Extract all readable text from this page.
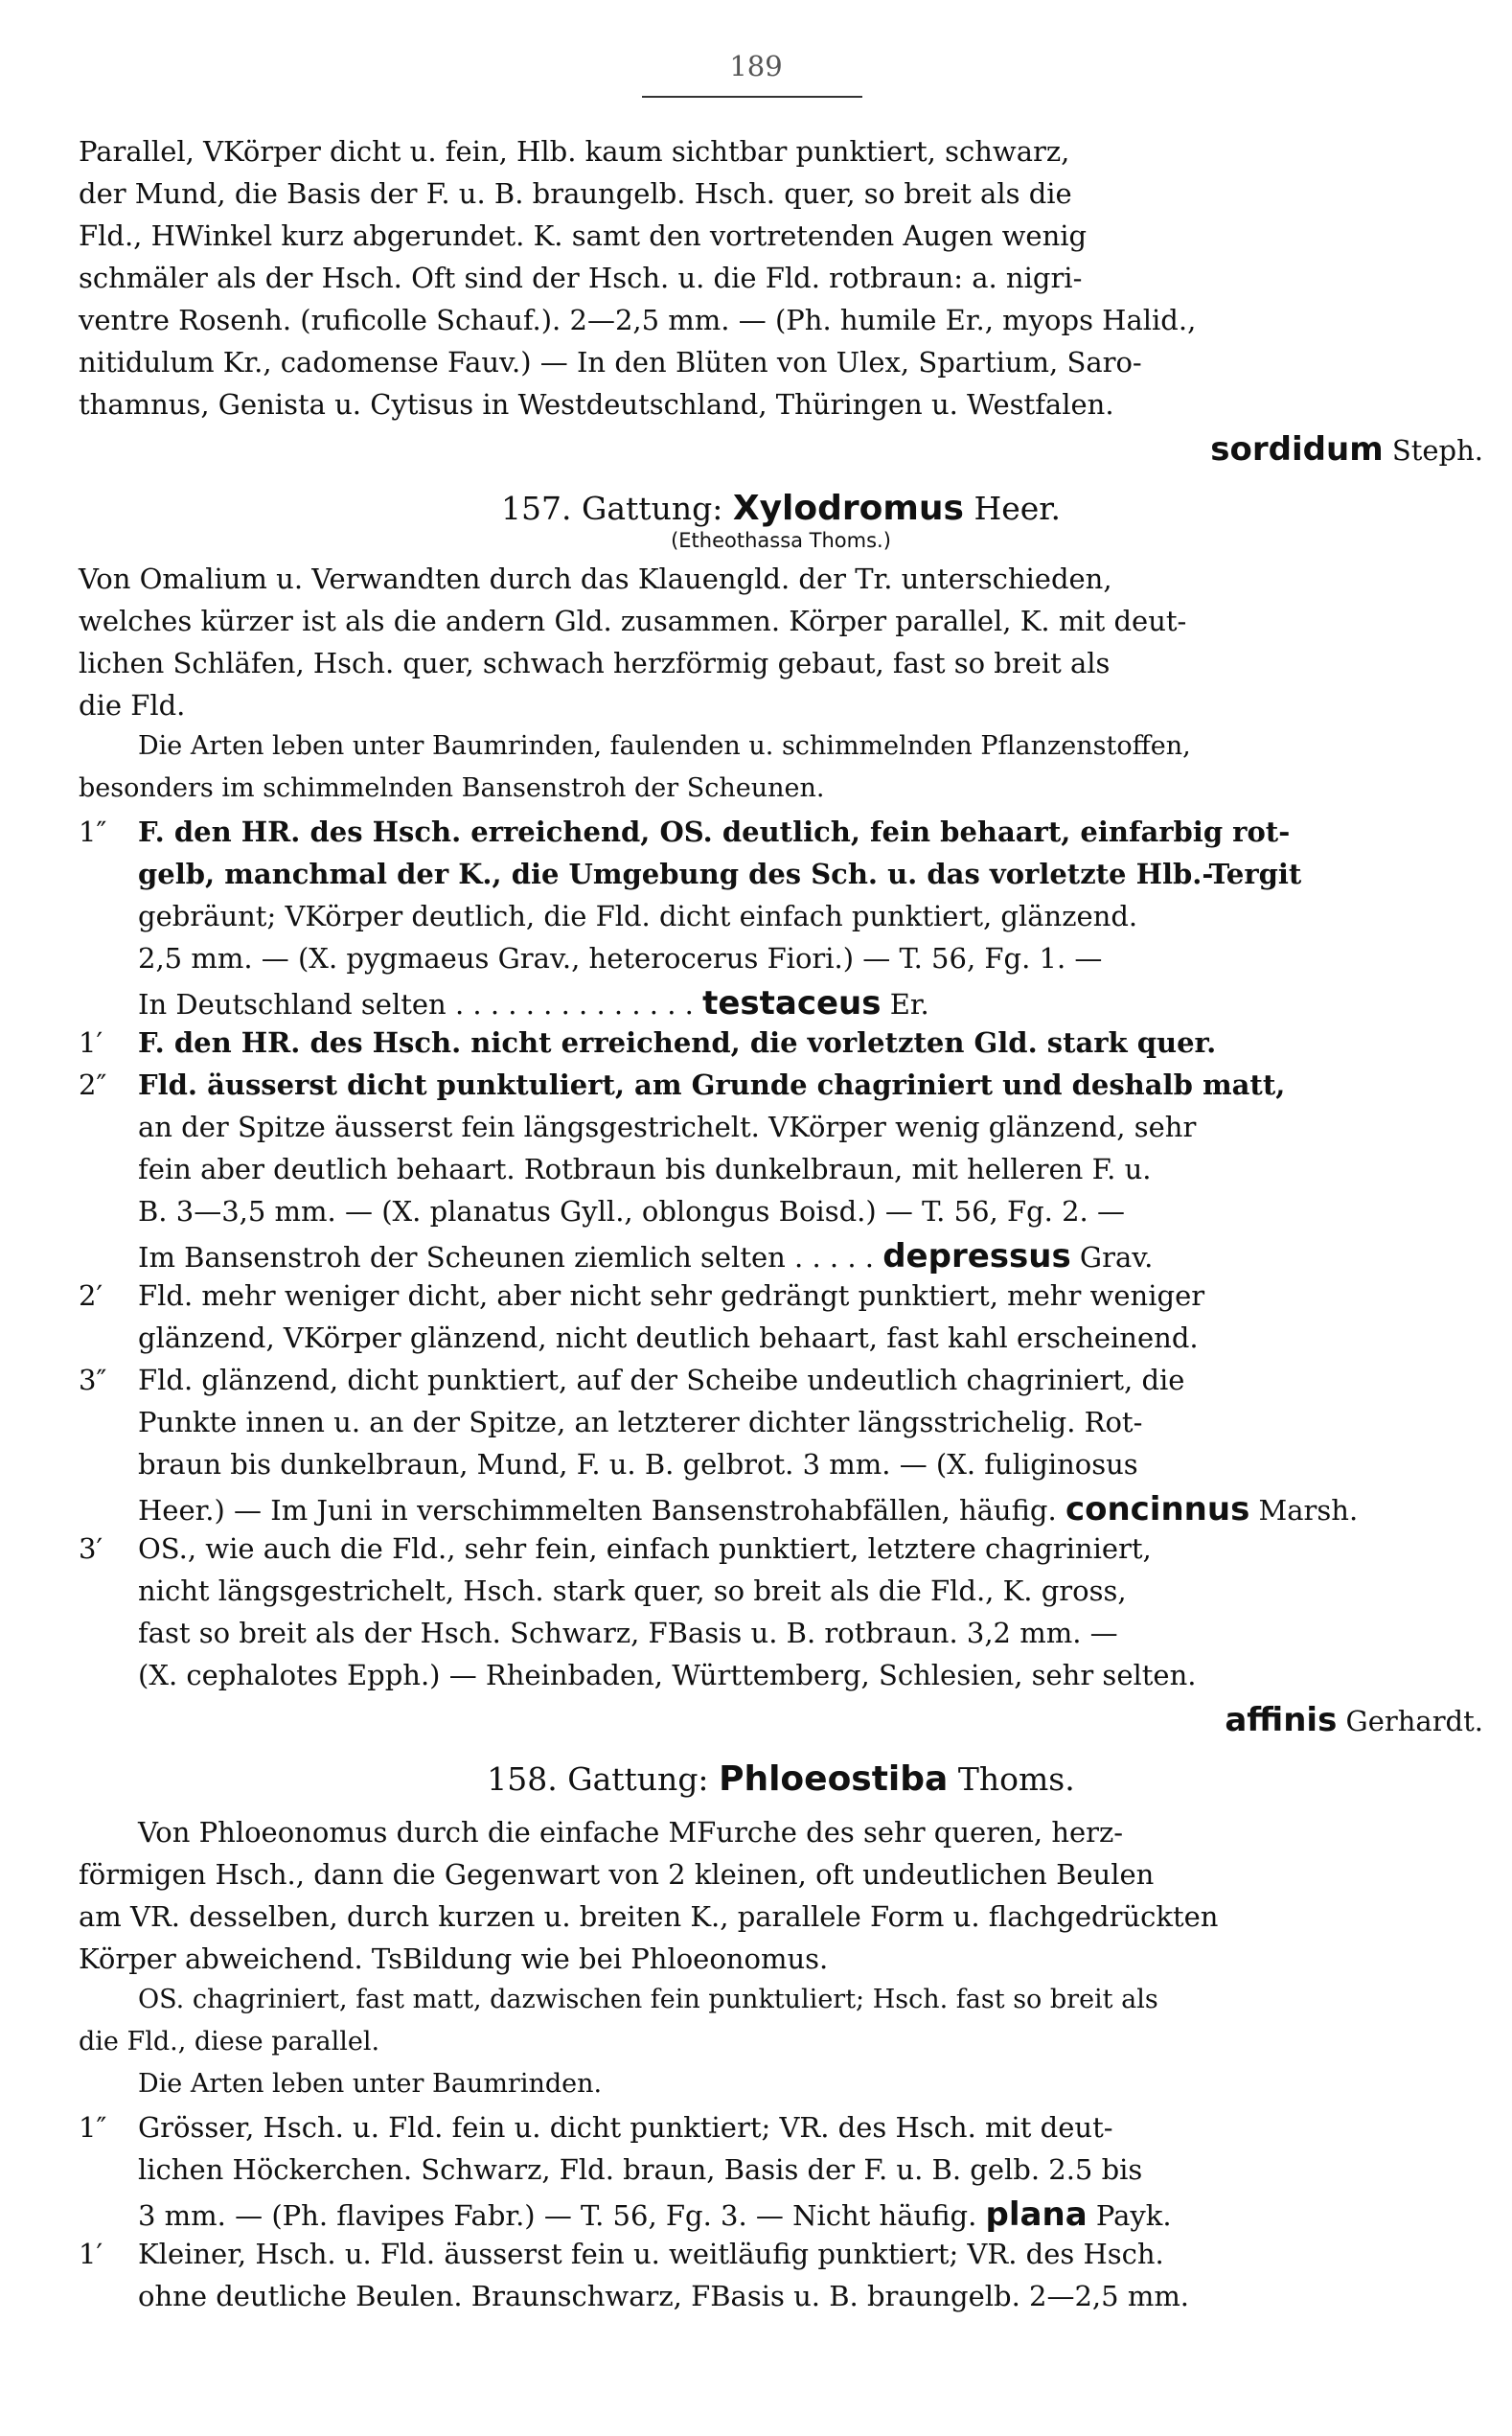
189
Parallel, VKörper dicht u. fein, Hlb. kaum sichtbar punktiert, schwarz,
der Mund, die Basis der F. u. B. braungelb. Hsch. quer, so breit als die
Fld., HWinkel kurz abgerundet. K. samt den vortretenden Augen wenig
schmäler als der Hsch. Oft sind der Hsch. u. die Fld. rotbraun: a. nigri-
ventre Rosenh. (ruficolle Schauf.). 2—2,5 mm. — (Ph. humile Er., myops Halid.,
nitidulum Kr., cadomense Fauv.) — In den Blüten von Ulex, Spartium, Saro-
thamnus, Genista u. Cytisus in Westdeutschland, Thüringen u. Westfalen.
sordidum Steph.
157. Gattung: Xylodromus Heer.
(Etheothassa Thoms.)
Von Omalium u. Verwandten durch das Klauengld. der Tr. unterschieden,
welches kürzer ist als die andern Gld. zusammen. Körper parallel, K. mit deut-
lichen Schläfen, Hsch. quer, schwach herzförmig gebaut, fast so breit als
die Fld.
Die Arten leben unter Baumrinden, faulenden u. schimmelnden Pflanzenstoffen,
besonders im schimmelnden Bansenstroh der Scheunen.
1″ F. den HR. des Hsch. erreichend, OS. deutlich, fein behaart, einfarbig rot-
gelb, manchmal der K., die Umgebung des Sch. u. das vorletzte Hlb.-Tergit
gebräunt; VKörper deutlich, die Fld. dicht einfach punktiert, glänzend.
2,5 mm. — (X. pygmaeus Grav., heterocerus Fiori.) — T. 56, Fg. 1. —
In Deutschland selten . . . . . . . . . . . . . . testaceus Er.
1′ F. den HR. des Hsch. nicht erreichend, die vorletzten Gld. stark quer.
2″ Fld. äusserst dicht punktuliert, am Grunde chagriniert und deshalb matt,
an der Spitze äusserst fein längsgestrichelt. VKörper wenig glänzend, sehr
fein aber deutlich behaart. Rotbraun bis dunkelbraun, mit helleren F. u.
B. 3—3,5 mm. — (X. planatus Gyll., oblongus Boisd.) — T. 56, Fg. 2. —
Im Bansenstroh der Scheunen ziemlich selten . . . . . depressus Grav.
2′ Fld. mehr weniger dicht, aber nicht sehr gedrängt punktiert, mehr weniger
glänzend, VKörper glänzend, nicht deutlich behaart, fast kahl erscheinend.
3″ Fld. glänzend, dicht punktiert, auf der Scheibe undeutlich chagriniert, die
Punkte innen u. an der Spitze, an letzterer dichter längsstrichelig. Rot-
braun bis dunkelbraun, Mund, F. u. B. gelbrot. 3 mm. — (X. fuliginosus
Heer.) — Im Juni in verschimmelten Bansenstrohabfällen, häufig. concinnus Marsh.
3′ OS., wie auch die Fld., sehr fein, einfach punktiert, letztere chagriniert,
nicht längsgestrichelt, Hsch. stark quer, so breit als die Fld., K. gross,
fast so breit als der Hsch. Schwarz, FBasis u. B. rotbraun. 3,2 mm. —
(X. cephalotes Epph.) — Rheinbaden, Württemberg, Schlesien, sehr selten.
affinis Gerhardt.
158. Gattung: Phloeostiba Thoms.
Von Phloeonomus durch die einfache MFurche des sehr queren, herz-
förmigen Hsch., dann die Gegenwart von 2 kleinen, oft undeutlichen Beulen
am VR. desselben, durch kurzen u. breiten K., parallele Form u. flachgedrückten
Körper abweichend. TsBildung wie bei Phloeonomus.
OS. chagriniert, fast matt, dazwischen fein punktuliert; Hsch. fast so breit als
die Fld., diese parallel.
Die Arten leben unter Baumrinden.
1″ Grösser, Hsch. u. Fld. fein u. dicht punktiert; VR. des Hsch. mit deut-
lichen Höckerchen. Schwarz, Fld. braun, Basis der F. u. B. gelb. 2.5 bis
3 mm. — (Ph. flavipes Fabr.) — T. 56, Fg. 3. — Nicht häufig. plana Payk.
1′ Kleiner, Hsch. u. Fld. äusserst fein u. weitläufig punktiert; VR. des Hsch.
ohne deutliche Beulen. Braunschwarz, FBasis u. B. braungelb. 2—2,5 mm.
